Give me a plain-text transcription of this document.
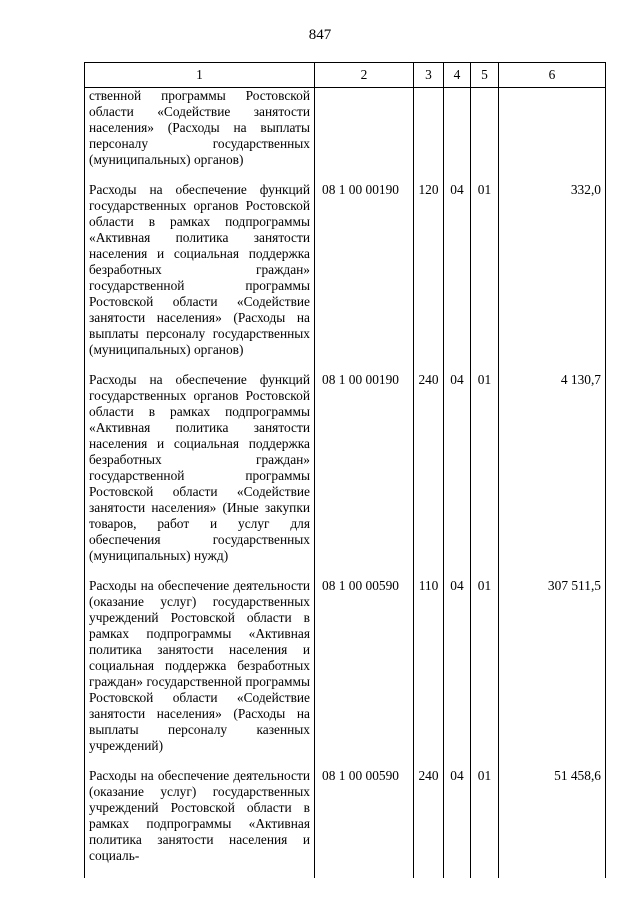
847
1	2	3	4	5	6
ственной программы Ростовской области «Содействие занятости населения» (Расходы на выплаты персоналу государственных (муниципальных) органов)					
Расходы на обеспечение функций государственных органов Ростовской области в рамках подпрограммы «Активная политика занятости населения и социальная поддержка безработных граждан» государственной программы Ростовской области «Содействие занятости населения» (Расходы на выплаты персоналу государственных (муниципальных) органов)	08 1 00 00190	120	04	01	332,0
Расходы на обеспечение функций государственных органов Ростовской области в рамках подпрограммы «Активная политика занятости населения и социальная поддержка безработных граждан» государственной программы Ростовской области «Содействие занятости населения» (Иные закупки товаров, работ и услуг для обеспечения государственных (муниципальных) нужд)	08 1 00 00190	240	04	01	4 130,7
Расходы на обеспечение деятельности (оказание услуг) государственных учреждений Ростовской области в рамках подпрограммы «Активная политика занятости населения и социальная поддержка безработных граждан» государственной программы Ростовской области «Содействие занятости населения» (Расходы на выплаты персоналу казенных учреждений)	08 1 00 00590	110	04	01	307 511,5
Расходы на обеспечение деятельности (оказание услуг) государственных учреждений Ростовской области в рамках подпрограммы «Активная политика занятости населения и социаль-	08 1 00 00590	240	04	01	51 458,6
